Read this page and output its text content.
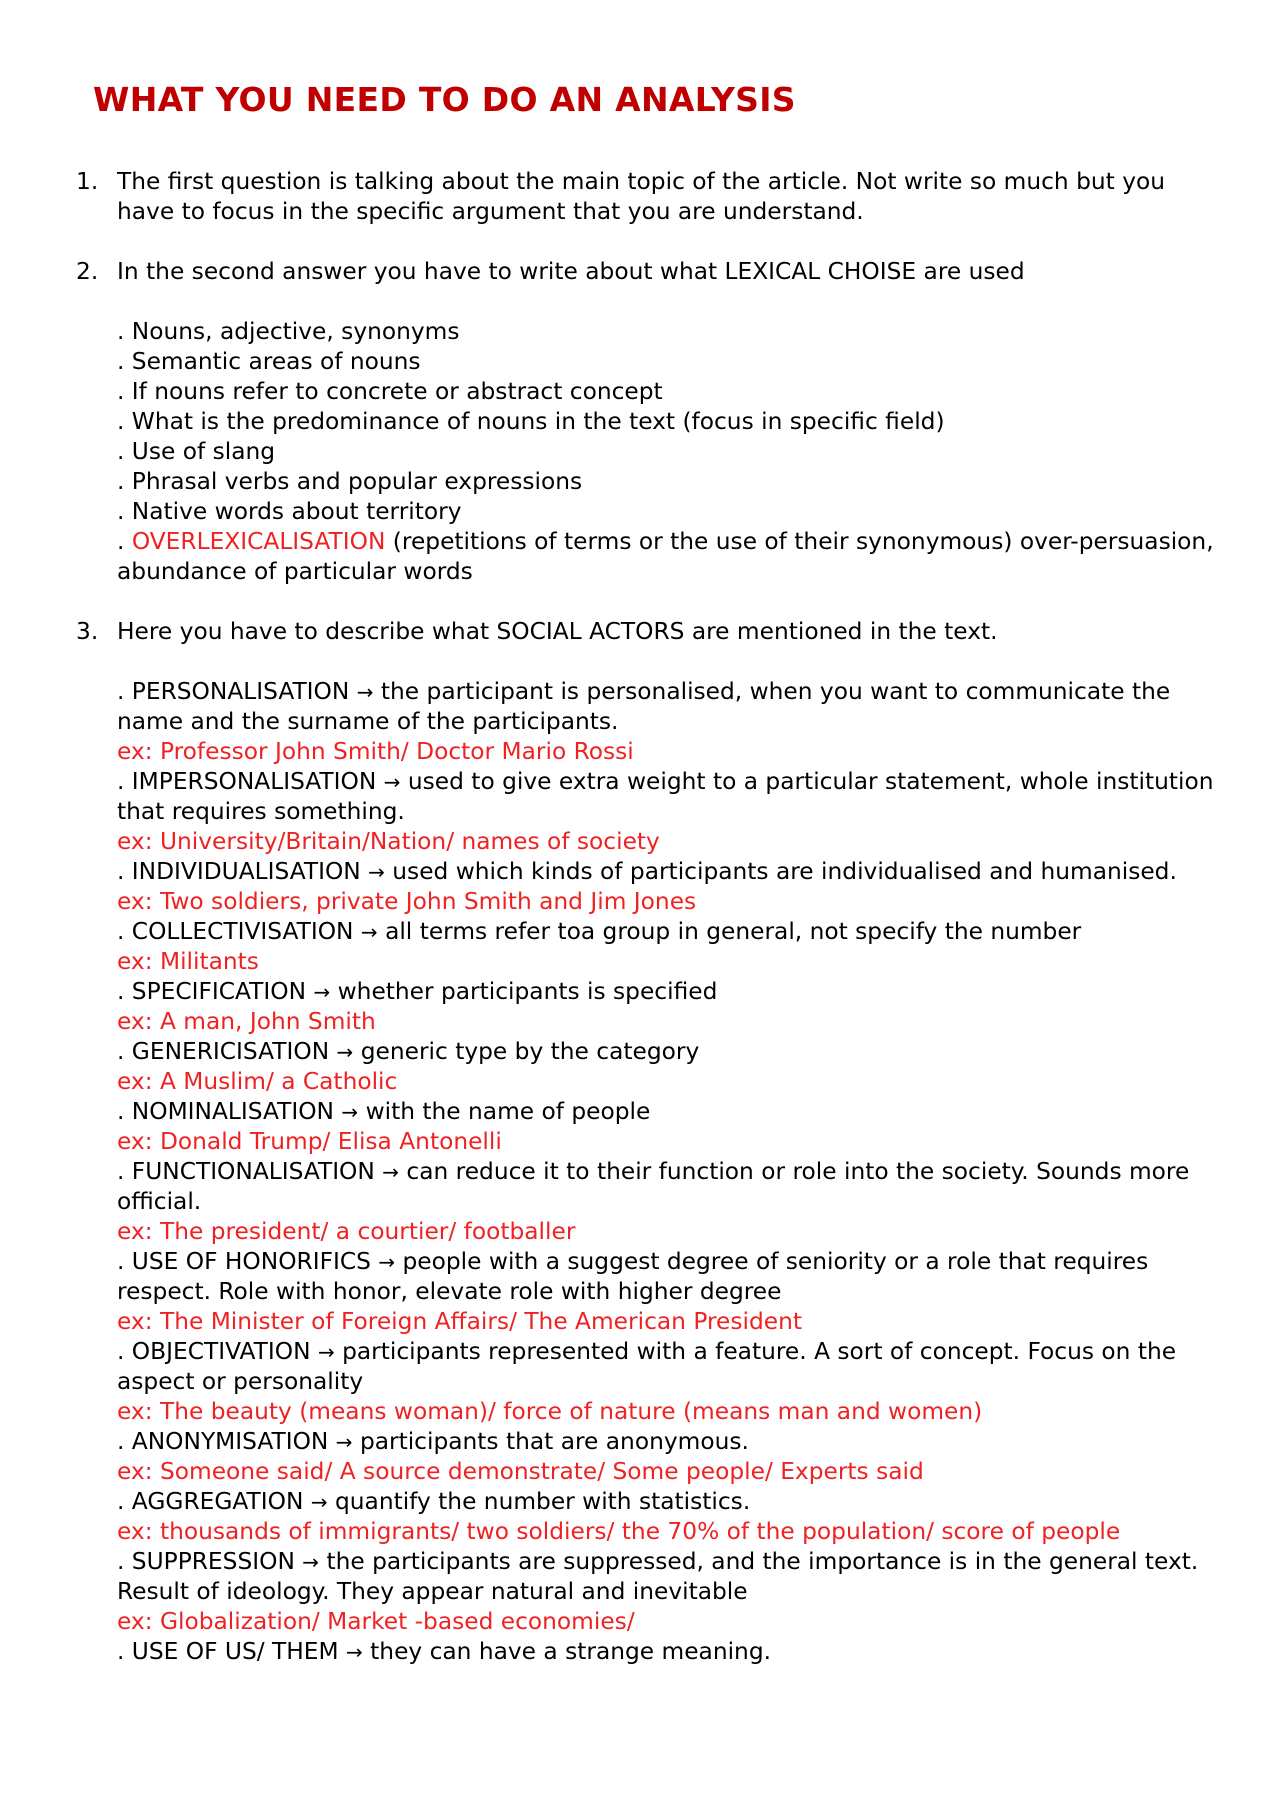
WHAT YOU NEED TO DO AN ANALYSIS
1. The first question is talking about the main topic of the article. Not write so much but you have to focus in the specific argument that you are understand.

2. In the second answer you have to write about what LEXICAL CHOISE are used

. Nouns, adjective, synonyms

. Semantic areas of nouns

. If nouns refer to concrete or abstract concept

. What is the predominance of nouns in the text (focus in specific field)

. Use of slang

. Phrasal verbs and popular expressions

. Native words about territory

. OVERLEXICALISATION (repetitions of terms or the use of their synonymous) over-persuasion, abundance of particular words

3. Here you have to describe what SOCIAL ACTORS are mentioned in the text.

. PERSONALISATION → the participant is personalised, when you want to communicate the name and the surname of the participants.

ex: Professor John Smith/ Doctor Mario Rossi

. IMPERSONALISATION → used to give extra weight to a particular statement, whole institution that requires something.

ex: University/Britain/Nation/ names of society

. INDIVIDUALISATION → used which kinds of participants are individualised and humanised.

ex: Two soldiers, private John Smith and Jim Jones

. COLLECTIVISATION → all terms refer toa group in general, not specify the number

ex: Militants

. SPECIFICATION → whether participants is specified

ex: A man, John Smith

. GENERICISATION → generic type by the category

ex: A Muslim/ a Catholic

. NOMINALISATION → with the name of people

ex: Donald Trump/ Elisa Antonelli

. FUNCTIONALISATION → can reduce it to their function or role into the society. Sounds more official.

ex: The president/ a courtier/ footballer

. USE OF HONORIFICS → people with a suggest degree of seniority or a role that requires respect. Role with honor, elevate role with higher degree

ex: The Minister of Foreign Affairs/ The American President

. OBJECTIVATION → participants represented with a feature. A sort of concept. Focus on the aspect or personality

ex: The beauty (means woman)/ force of nature (means man and women)

. ANONYMISATION → participants that are anonymous.

ex: Someone said/ A source demonstrate/ Some people/ Experts said

. AGGREGATION → quantify the number with statistics.

ex: thousands of immigrants/ two soldiers/ the 70% of the population/ score of people

. SUPPRESSION → the participants are suppressed, and the importance is in the general text. Result of ideology. They appear natural and inevitable

ex: Globalization/ Market -based economies/

. USE OF US/ THEM → they can have a strange meaning.
